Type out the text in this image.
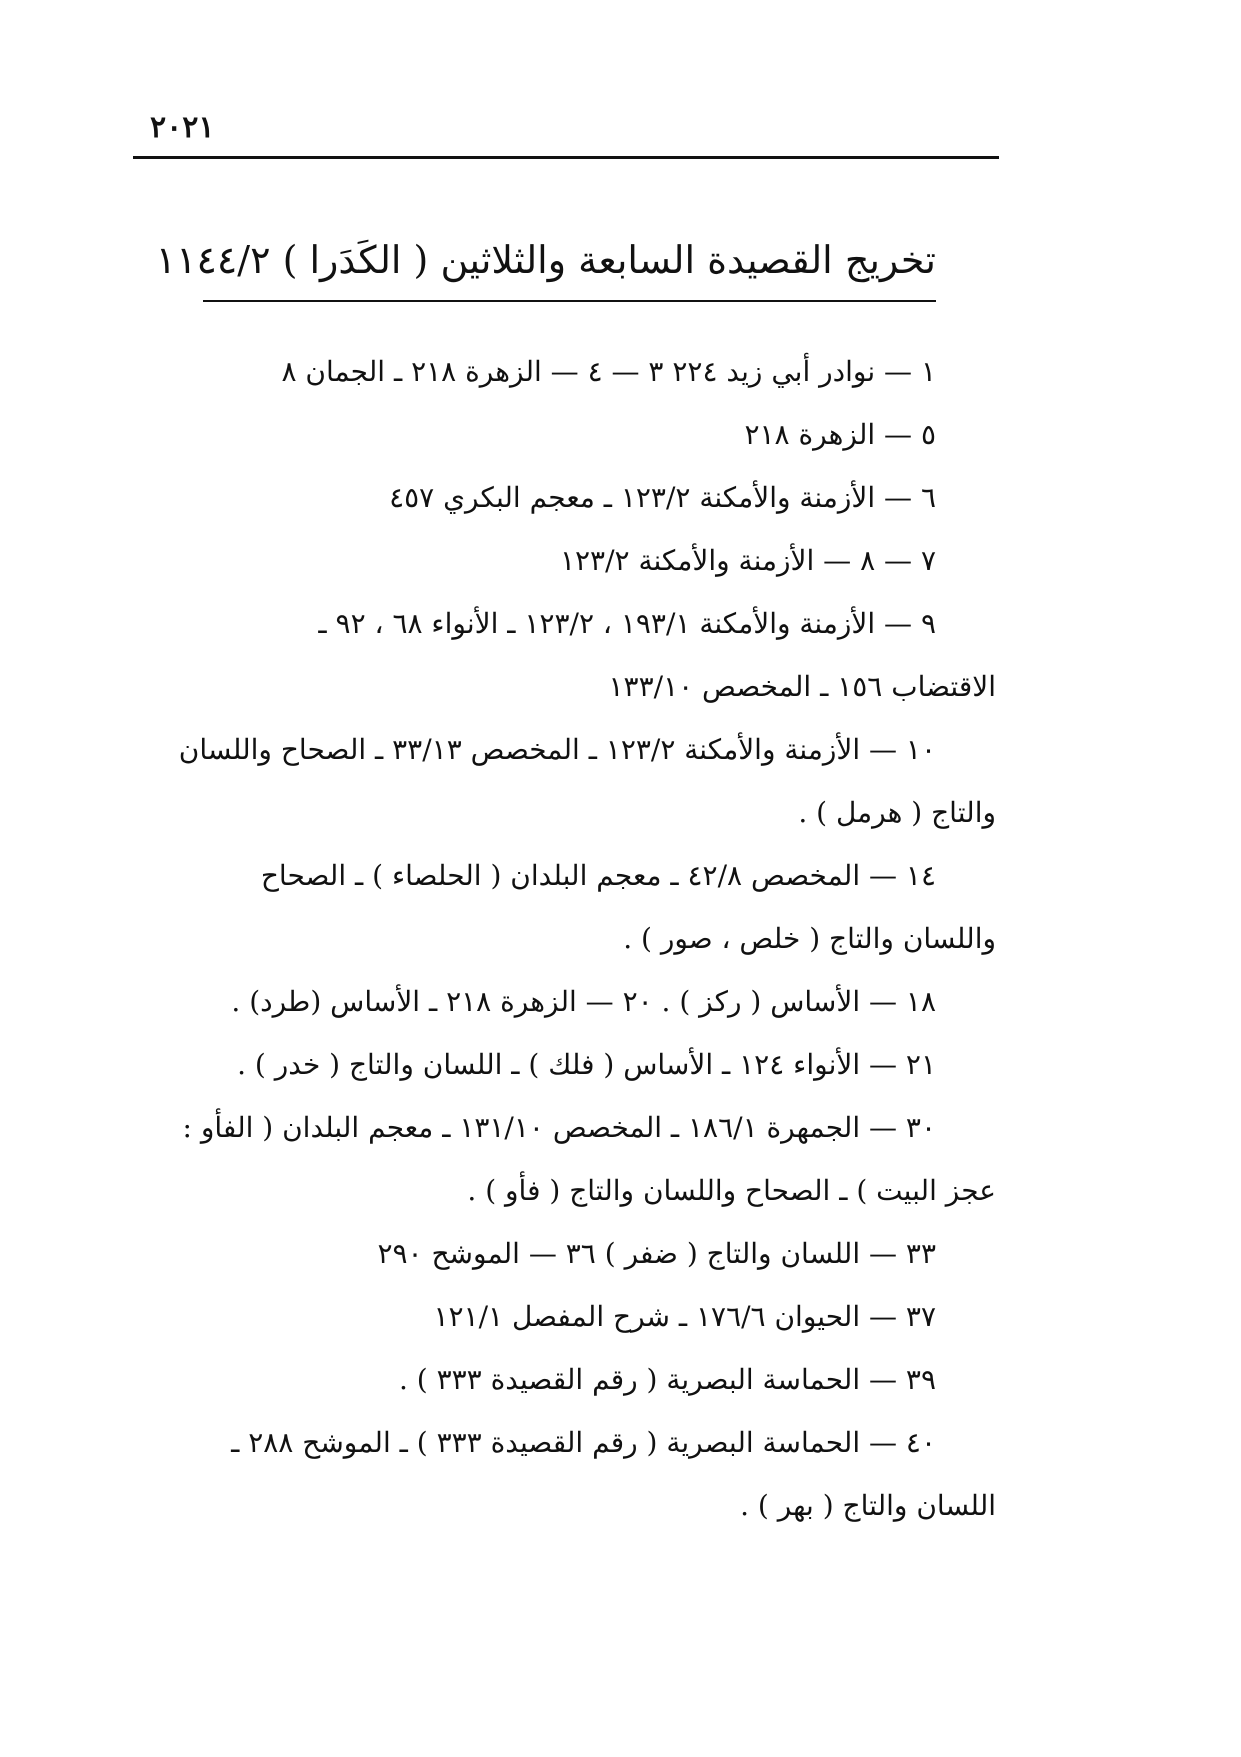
٢٠٢١
تخريج القصيدة السابعة والثلاثين ( الكَدَرا ) ١١٤٤/٢
١ — نوادر أبي زيد ٢٢٤ ٣ — ٤ — الزهرة ٢١٨ ـ الجمان ٨
٥ — الزهرة ٢١٨
٦ — الأزمنة والأمكنة ١٢٣/٢ ـ معجم البكري ٤٥٧
٧ — ٨ — الأزمنة والأمكنة ١٢٣/٢
٩ — الأزمنة والأمكنة ١٩٣/١ ، ١٢٣/٢ ـ الأنواء ٦٨ ، ٩٢ ـ
الاقتضاب ١٥٦ ـ المخصص ١٣٣/١٠
١٠ — الأزمنة والأمكنة ١٢٣/٢ ـ المخصص ٣٣/١٣ ـ الصحاح واللسان
والتاج ( هرمل ) .
١٤ — المخصص ٤٢/٨ ـ معجم البلدان ( الحلصاء ) ـ الصحاح
واللسان والتاج ( خلص ، صور ) .
١٨ — الأساس ( ركز ) . ٢٠ — الزهرة ٢١٨ ـ الأساس (طرد) .
٢١ — الأنواء ١٢٤ ـ الأساس ( فلك ) ـ اللسان والتاج ( خدر ) .
٣٠ — الجمهرة ١٨٦/١ ـ المخصص ١٣١/١٠ ـ معجم البلدان ( الفأو :
عجز البيت ) ـ الصحاح واللسان والتاج ( فأو ) .
٣٣ — اللسان والتاج ( ضفر ) ٣٦ — الموشح ٢٩٠
٣٧ — الحيوان ١٧٦/٦ ـ شرح المفصل ١٢١/١
٣٩ — الحماسة البصرية ( رقم القصيدة ٣٣٣ ) .
٤٠ — الحماسة البصرية ( رقم القصيدة ٣٣٣ ) ـ الموشح ٢٨٨ ـ
اللسان والتاج ( بهر ) .
